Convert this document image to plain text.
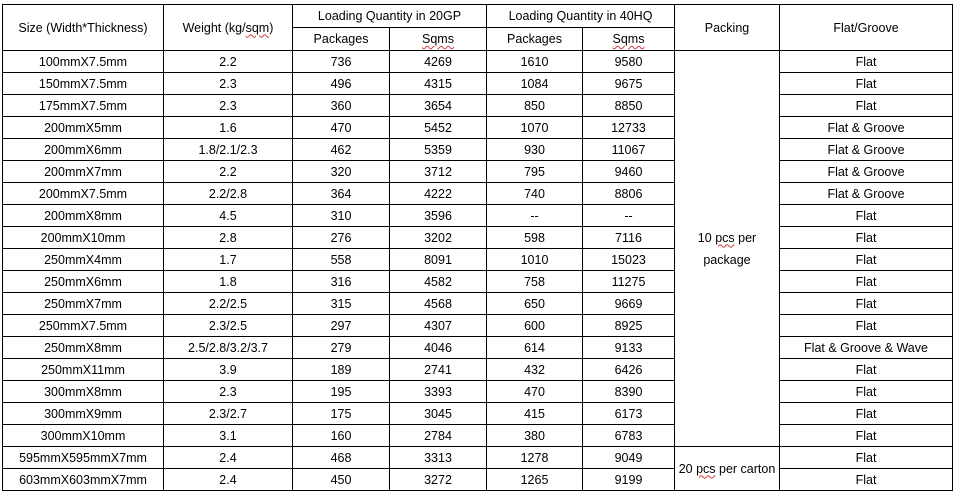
Size (Width*Thickness)	Weight (kg/sqm)	Loading Quantity in 20GP		Loading Quantity in 40HQ		Packing	Flat/Groove
		Packages	Sqms	Packages	Sqms		
100mmX7.5mm	2.2	736	4269	1610	9580	10 pcs per package	Flat
150mmX7.5mm	2.3	496	4315	1084	9675		Flat
175mmX7.5mm	2.3	360	3654	850	8850		Flat
200mmX5mm	1.6	470	5452	1070	12733		Flat & Groove
200mmX6mm	1.8/2.1/2.3	462	5359	930	11067		Flat & Groove
200mmX7mm	2.2	320	3712	795	9460		Flat & Groove
200mmX7.5mm	2.2/2.8	364	4222	740	8806		Flat & Groove
200mmX8mm	4.5	310	3596	--	--		Flat
200mmX10mm	2.8	276	3202	598	7116		Flat
250mmX4mm	1.7	558	8091	1010	15023		Flat
250mmX6mm	1.8	316	4582	758	11275		Flat
250mmX7mm	2.2/2.5	315	4568	650	9669		Flat
250mmX7.5mm	2.3/2.5	297	4307	600	8925		Flat
250mmX8mm	2.5/2.8/3.2/3.7	279	4046	614	9133		Flat & Groove & Wave
250mmX11mm	3.9	189	2741	432	6426		Flat
300mmX8mm	2.3	195	3393	470	8390		Flat
300mmX9mm	2.3/2.7	175	3045	415	6173		Flat
300mmX10mm	3.1	160	2784	380	6783		Flat
595mmX595mmX7mm	2.4	468	3313	1278	9049	20 pcs per carton	Flat
603mmX603mmX7mm	2.4	450	3272	1265	9199		Flat
